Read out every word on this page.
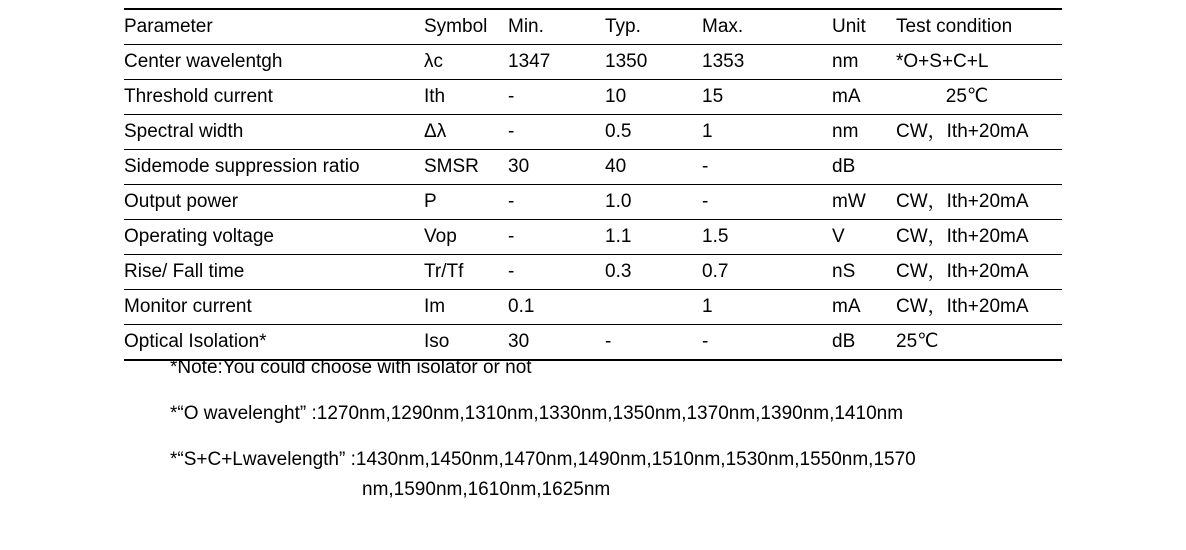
Parameter	Symbol	Min.	Typ.	Max.	Unit	Test condition
Center wavelentgh	λc	1347	1350	1353	nm	*O+S+C+L
Threshold current	Ith	-	10	15	mA	25℃
Spectral width	Δλ	-	0.5	1	nm	CW，Ith+20mA
Sidemode suppression ratio	SMSR	30	40	-	dB	
Output power	P	-	1.0	-	mW	CW，Ith+20mA
Operating voltage	Vop	-	1.1	1.5	V	CW，Ith+20mA
Rise/ Fall time	Tr/Tf	-	0.3	0.7	nS	CW，Ith+20mA
Monitor current	Im	0.1		1	mA	CW，Ith+20mA
Optical Isolation*	Iso	30	-	-	dB	25℃

*Note:You could choose with isolator or not

*“O wavelenght” :1270nm,1290nm,1310nm,1330nm,1350nm,1370nm,1390nm,1410nm

*“S+C+Lwavelength” :1430nm,1450nm,1470nm,1490nm,1510nm,1530nm,1550nm,1570

nm,1590nm,1610nm,1625nm
